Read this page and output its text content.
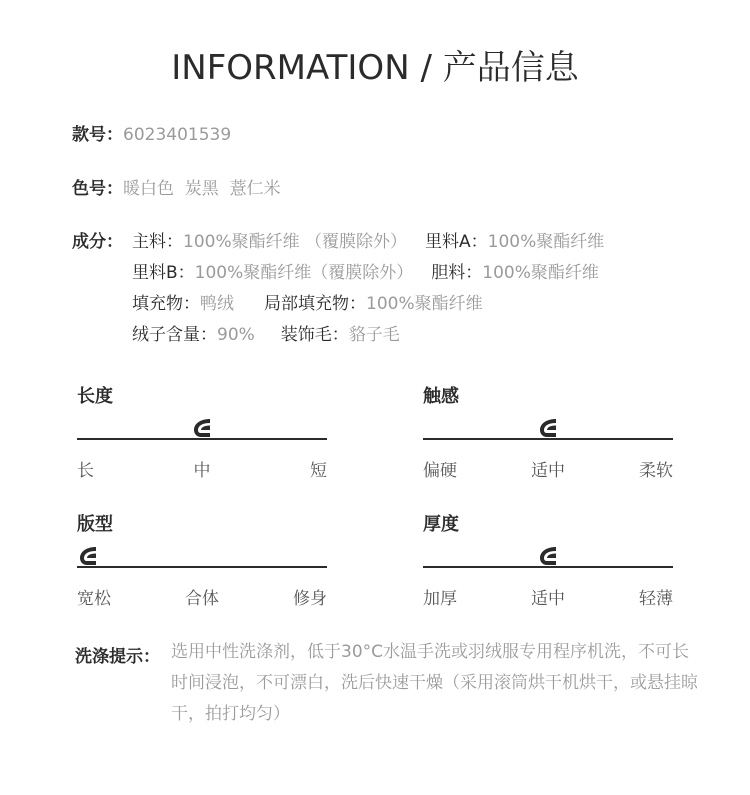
INFORMATION / 产品信息
款号：6023401539
色号：暖白色  炭黑  薏仁米
成分： 主料：100%聚酯纤维 （覆膜除外） 里料A：100%聚酯纤维
里料B：100%聚酯纤维（覆膜除外） 胆料：100%聚酯纤维
填充物：鸭绒 局部填充物：100%聚酯纤维
绒子含量：90% 装饰毛：貉子毛
长度
长	中	短
触感
偏硬	适中	柔软
版型
宽松	合体	修身
厚度
加厚	适中	轻薄
洗涤提示： 选用中性洗涤剂，低于30°C水温手洗或羽绒服专用程序机洗，不可长时间浸泡，不可漂白，洗后快速干燥（采用滚筒烘干机烘干，或悬挂晾干，拍打均匀）
